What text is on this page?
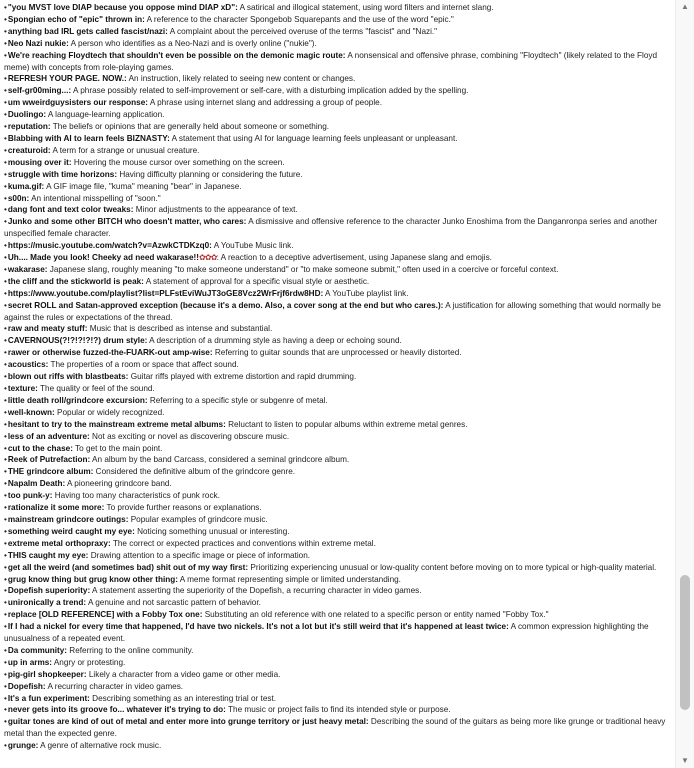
•"you MVST love DIAP because you oppose mind DIAP xD": A satirical and illogical statement, using word filters and internet slang.

•Spongian echo of "epic" thrown in: A reference to the character Spongebob Squarepants and the use of the word "epic."

•anything bad IRL gets called fascist/nazi: A complaint about the perceived overuse of the terms "fascist" and "Nazi."

•Neo Nazi nukie: A person who identifies as a Neo-Nazi and is overly online ("nukie").

•We're reaching Floydtech that shouldn't even be possible on the demonic magic route: A nonsensical and offensive phrase, combining "Floydtech" (likely related to the Floyd meme) with concepts from role-playing games.

•REFRESH YOUR PAGE. NOW.: An instruction, likely related to seeing new content or changes.

•self-gr00ming...: A phrase possibly related to self-improvement or self-care, with a disturbing implication added by the spelling.

•um wweirdguysisters our response: A phrase using internet slang and addressing a group of people.

•Duolingo: A language-learning application.

•reputation: The beliefs or opinions that are generally held about someone or something.

•Blabbing with AI to learn feels BIZNASTY: A statement that using AI for language learning feels unpleasant or unpleasant.

•creaturoid: A term for a strange or unusual creature.

•mousing over it: Hovering the mouse cursor over something on the screen.

•struggle with time horizons: Having difficulty planning or considering the future.

•kuma.gif: A GIF image file, "kuma" meaning "bear" in Japanese.

•s00n: An intentional misspelling of "soon."

•dang font and text color tweaks: Minor adjustments to the appearance of text.

•Junko and some other BITCH who doesn't matter, who cares: A dismissive and offensive reference to the character Junko Enoshima from the Danganronpa series and another unspecified female character.

•https://music.youtube.com/watch?v=AzwkCTDKzq0: A YouTube Music link.

•Uh.... Made you look! Cheeky ad need wakarase!!✿✿✿: A reaction to a deceptive advertisement, using Japanese slang and emojis.

•wakarase: Japanese slang, roughly meaning "to make someone understand" or "to make someone submit," often used in a coercive or forceful context.

•the cliff and the stickworld is peak: A statement of approval for a specific visual style or aesthetic.

•https://www.youtube.com/playlist?list=PLFstEviWuJT3oGE8Vcz2WrFrjf6rdw8HD: A YouTube playlist link.

•secret ROLL and Satan-approved exception (because it's a demo. Also, a cover song at the end but who cares.): A justification for allowing something that would normally be against the rules or expectations of the thread.

•raw and meaty stuff: Music that is described as intense and substantial.

•CAVERNOUS(?!?!?!?!?) drum style: A description of a drumming style as having a deep or echoing sound.

•rawer or otherwise fuzzed-the-FUARK-out amp-wise: Referring to guitar sounds that are unprocessed or heavily distorted.

•acoustics: The properties of a room or space that affect sound.

•blown out riffs with blastbeats: Guitar riffs played with extreme distortion and rapid drumming.

•texture: The quality or feel of the sound.

•little death roll/grindcore excursion: Referring to a specific style or subgenre of metal.

•well-known: Popular or widely recognized.

•hesitant to try to the mainstream extreme metal albums: Reluctant to listen to popular albums within extreme metal genres.

•less of an adventure: Not as exciting or novel as discovering obscure music.

•cut to the chase: To get to the main point.

•Reek of Putrefaction: An album by the band Carcass, considered a seminal grindcore album.

•THE grindcore album: Considered the definitive album of the grindcore genre.

•Napalm Death: A pioneering grindcore band.

•too punk-y: Having too many characteristics of punk rock.

•rationalize it some more: To provide further reasons or explanations.

•mainstream grindcore outings: Popular examples of grindcore music.

•something weird caught my eye: Noticing something unusual or interesting.

•extreme metal orthopraxy: The correct or expected practices and conventions within extreme metal.

•THIS caught my eye: Drawing attention to a specific image or piece of information.

•get all the weird (and sometimes bad) shit out of my way first: Prioritizing experiencing unusual or low-quality content before moving on to more typical or high-quality material.

•grug know thing but grug know other thing: A meme format representing simple or limited understanding.

•Dopefish superiority: A statement asserting the superiority of the Dopefish, a recurring character in video games.

•unironically a trend: A genuine and not sarcastic pattern of behavior.

•replace [OLD REFERENCE] with a Fobby Tox one: Substituting an old reference with one related to a specific person or entity named "Fobby Tox."

•If I had a nickel for every time that happened, I'd have two nickels. It's not a lot but it's still weird that it's happened at least twice: A common expression highlighting the unusualness of a repeated event.

•Da community: Referring to the online community.

•up in arms: Angry or protesting.

•pig-girl shopkeeper: Likely a character from a video game or other media.

•Dopefish: A recurring character in video games.

•It's a fun experiment: Describing something as an interesting trial or test.

•never gets into its groove fo... whatever it's trying to do: The music or project fails to find its intended style or purpose.

•guitar tones are kind of out of metal and enter more into grunge territory or just heavy metal: Describing the sound of the guitars as being more like grunge or traditional heavy metal than the expected genre.

•grunge: A genre of alternative rock music.

▲
▼
